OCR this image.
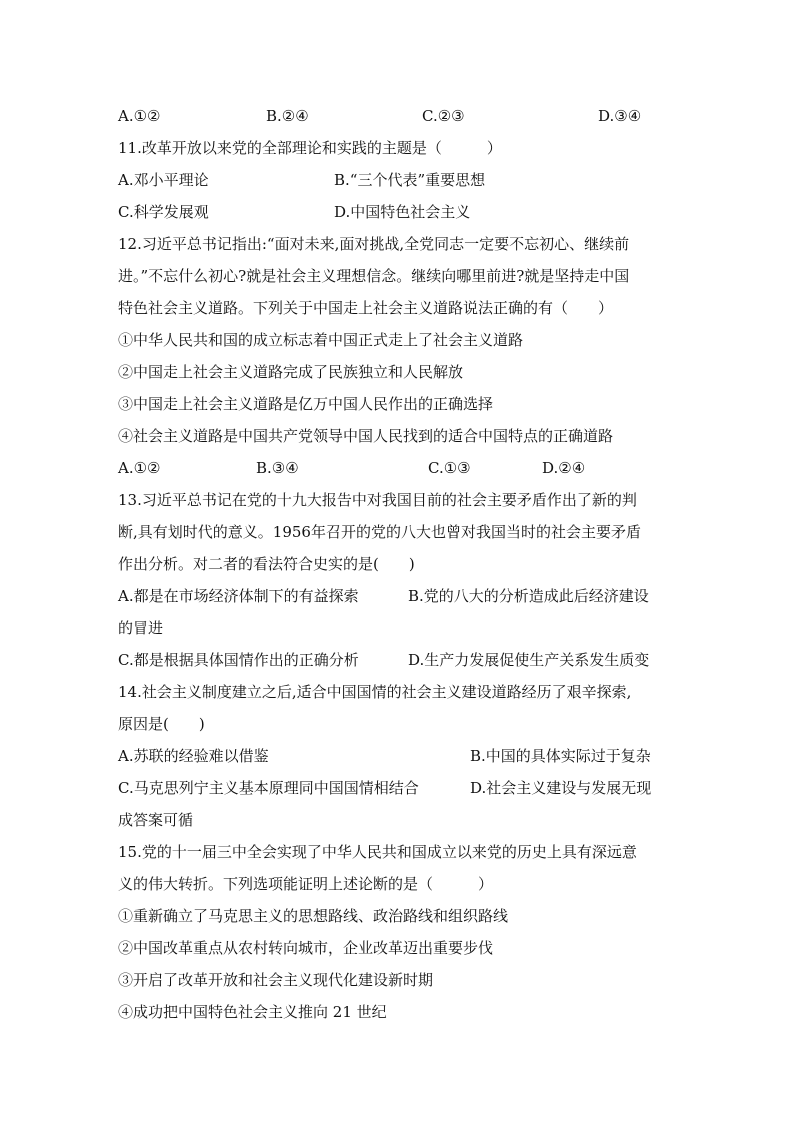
A.①②	B.②④	C.②③	D.③④
11.改革开放以来党的全部理论和实践的主题是（　　　）
A.邓小平理论	B.“三个代表”重要思想
C.科学发展观	D.中国特色社会主义
12.习近平总书记指出:“面对未来,面对挑战,全党同志一定要不忘初心、继续前
进。”不忘什么初心?就是社会主义理想信念。继续向哪里前进?就是坚持走中国
特色社会主义道路。下列关于中国走上社会主义道路说法正确的有（　　）
①中华人民共和国的成立标志着中国正式走上了社会主义道路
②中国走上社会主义道路完成了民族独立和人民解放
③中国走上社会主义道路是亿万中国人民作出的正确选择
④社会主义道路是中国共产党领导中国人民找到的适合中国特点的正确道路
A.①②	B.③④	C.①③	D.②④
13.习近平总书记在党的十九大报告中对我国目前的社会主要矛盾作出了新的判
断,具有划时代的意义。1956年召开的党的八大也曾对我国当时的社会主要矛盾
作出分析。对二者的看法符合史实的是(　　)
A.都是在市场经济体制下的有益探索	B.党的八大的分析造成此后经济建设
的冒进
C.都是根据具体国情作出的正确分析	D.生产力发展促使生产关系发生质变
14.社会主义制度建立之后,适合中国国情的社会主义建设道路经历了艰辛探索,
原因是(　　)
A.苏联的经验难以借鉴	B.中国的具体实际过于复杂
C.马克思列宁主义基本原理同中国国情相结合	D.社会主义建设与发展无现
成答案可循
15.党的十一届三中全会实现了中华人民共和国成立以来党的历史上具有深远意
义的伟大转折。下列选项能证明上述论断的是（　　　）
①重新确立了马克思主义的思想路线、政治路线和组织路线
②中国改革重点从农村转向城市，企业改革迈出重要步伐
③开启了改革开放和社会主义现代化建设新时期
④成功把中国特色社会主义推向 21 世纪
